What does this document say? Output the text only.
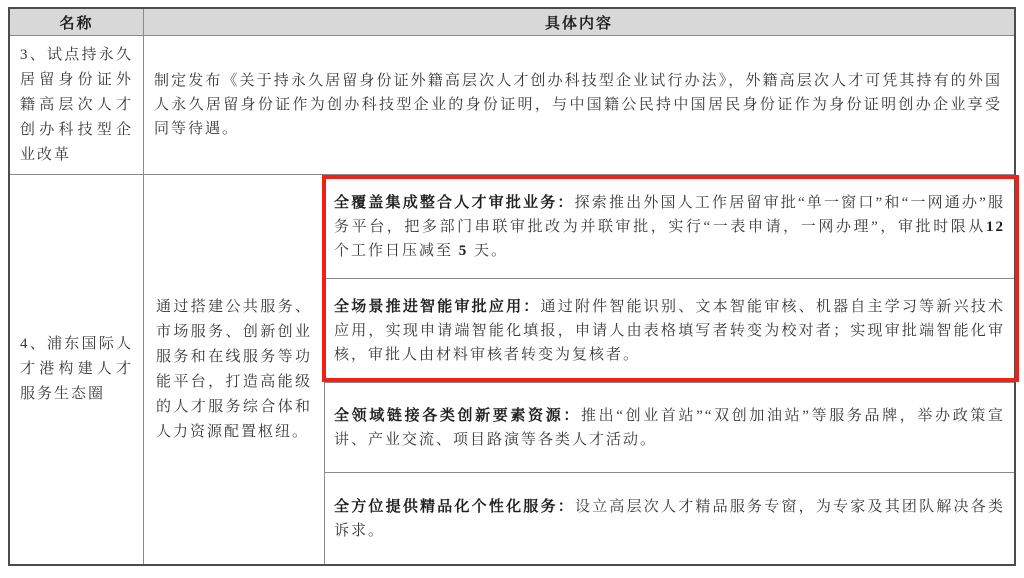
名称	具体内容

3、试点持永久居留身份证外籍高层次人才创办科技型企业改革

制定发布《关于持永久居留身份证外籍高层次人才创办科技型企业试行办法》，外籍高层次人才可凭其持有的外国人永久居留身份证作为创办科技型企业的身份证明，与中国籍公民持中国居民身份证作为身份证明创办企业享受同等待遇。

4、浦东国际人才港构建人才服务生态圈

通过搭建公共服务、市场服务、创新创业服务和在线服务等功能平台，打造高能级的人才服务综合体和人力资源配置枢纽。

全覆盖集成整合人才审批业务：探索推出外国人工作居留审批“单一窗口”和“一网通办”服务平台，把多部门串联审批改为并联审批，实行“一表申请，一网办理”，审批时限从12 个工作日压减至 5 天。

全场景推进智能审批应用：通过附件智能识别、文本智能审核、机器自主学习等新兴技术应用，实现申请端智能化填报，申请人由表格填写者转变为校对者；实现审批端智能化审核，审批人由材料审核者转变为复核者。

全领域链接各类创新要素资源：推出“创业首站”“双创加油站”等服务品牌，举办政策宣讲、产业交流、项目路演等各类人才活动。

全方位提供精品化个性化服务：设立高层次人才精品服务专窗，为专家及其团队解决各类诉求。
